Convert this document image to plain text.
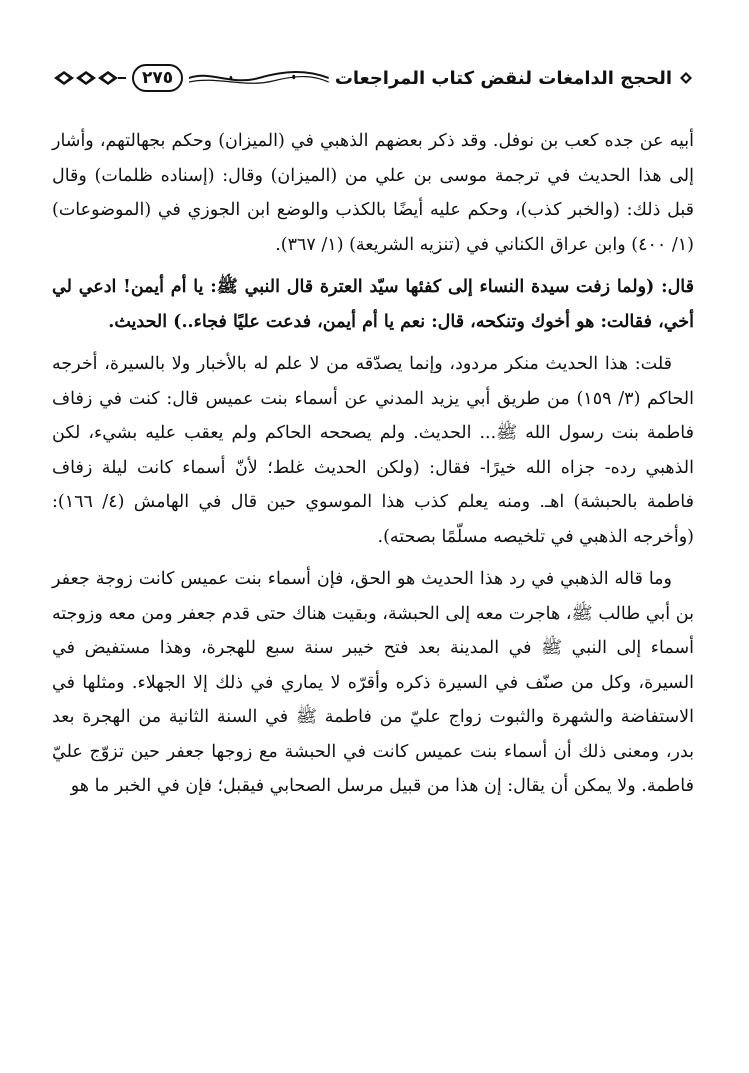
الحجج الدامغات لنقض كتاب المراجعات
٢٧٥

أبيه عن جده كعب بن نوفل. وقد ذكر بعضهم الذهبي في (الميزان) وحكم بجهالتهم، وأشار إلى هذا الحديث في ترجمة موسى بن علي من (الميزان) وقال: (إسناده ظلمات) وقال قبل ذلك: (والخبر كذب)، وحكم عليه أيضًا بالكذب والوضع ابن الجوزي في (الموضوعات) (١/ ٤٠٠) وابن عراق الكناني في (تنزيه الشريعة) (١/ ٣٦٧).

قال: (ولما زفت سيدة النساء إلى كفئها سيّد العترة قال النبي ﷺ: يا أم أيمن! ادعي لي أخي، فقالت: هو أخوك وتنكحه، قال: نعم يا أم أيمن، فدعت عليًا فجاء..) الحديث.

قلت: هذا الحديث منكر مردود، وإنما يصدّقه من لا علم له بالأخبار ولا بالسيرة، أخرجه الحاكم (٣/ ١٥٩) من طريق أبي يزيد المدني عن أسماء بنت عميس قال: كنت في زفاف فاطمة بنت رسول الله ﷺ... الحديث. ولم يصححه الحاكم ولم يعقب عليه بشيء، لكن الذهبي رده- جزاه الله خيرًا- فقال: (ولكن الحديث غلط؛ لأنّ أسماء كانت ليلة زفاف فاطمة بالحبشة) اهـ. ومنه يعلم كذب هذا الموسوي حين قال في الهامش (٤/ ١٦٦): (وأخرجه الذهبي في تلخيصه مسلّمًا بصحته).

وما قاله الذهبي في رد هذا الحديث هو الحق، فإن أسماء بنت عميس كانت زوجة جعفر بن أبي طالب ﷺ، هاجرت معه إلى الحبشة، وبقيت هناك حتى قدم جعفر ومن معه وزوجته أسماء إلى النبي ﷺ في المدينة بعد فتح خيبر سنة سبع للهجرة، وهذا مستفيض في السيرة، وكل من صنّف في السيرة ذكره وأقرّه لا يماري في ذلك إلا الجهلاء. ومثلها في الاستفاضة والشهرة والثبوت زواج عليّ من فاطمة ﷺ في السنة الثانية من الهجرة بعد بدر، ومعنى ذلك أن أسماء بنت عميس كانت في الحبشة مع زوجها جعفر حين تزوّج عليّ فاطمة. ولا يمكن أن يقال: إن هذا من قبيل مرسل الصحابي فيقبل؛ فإن في الخبر ما هو
